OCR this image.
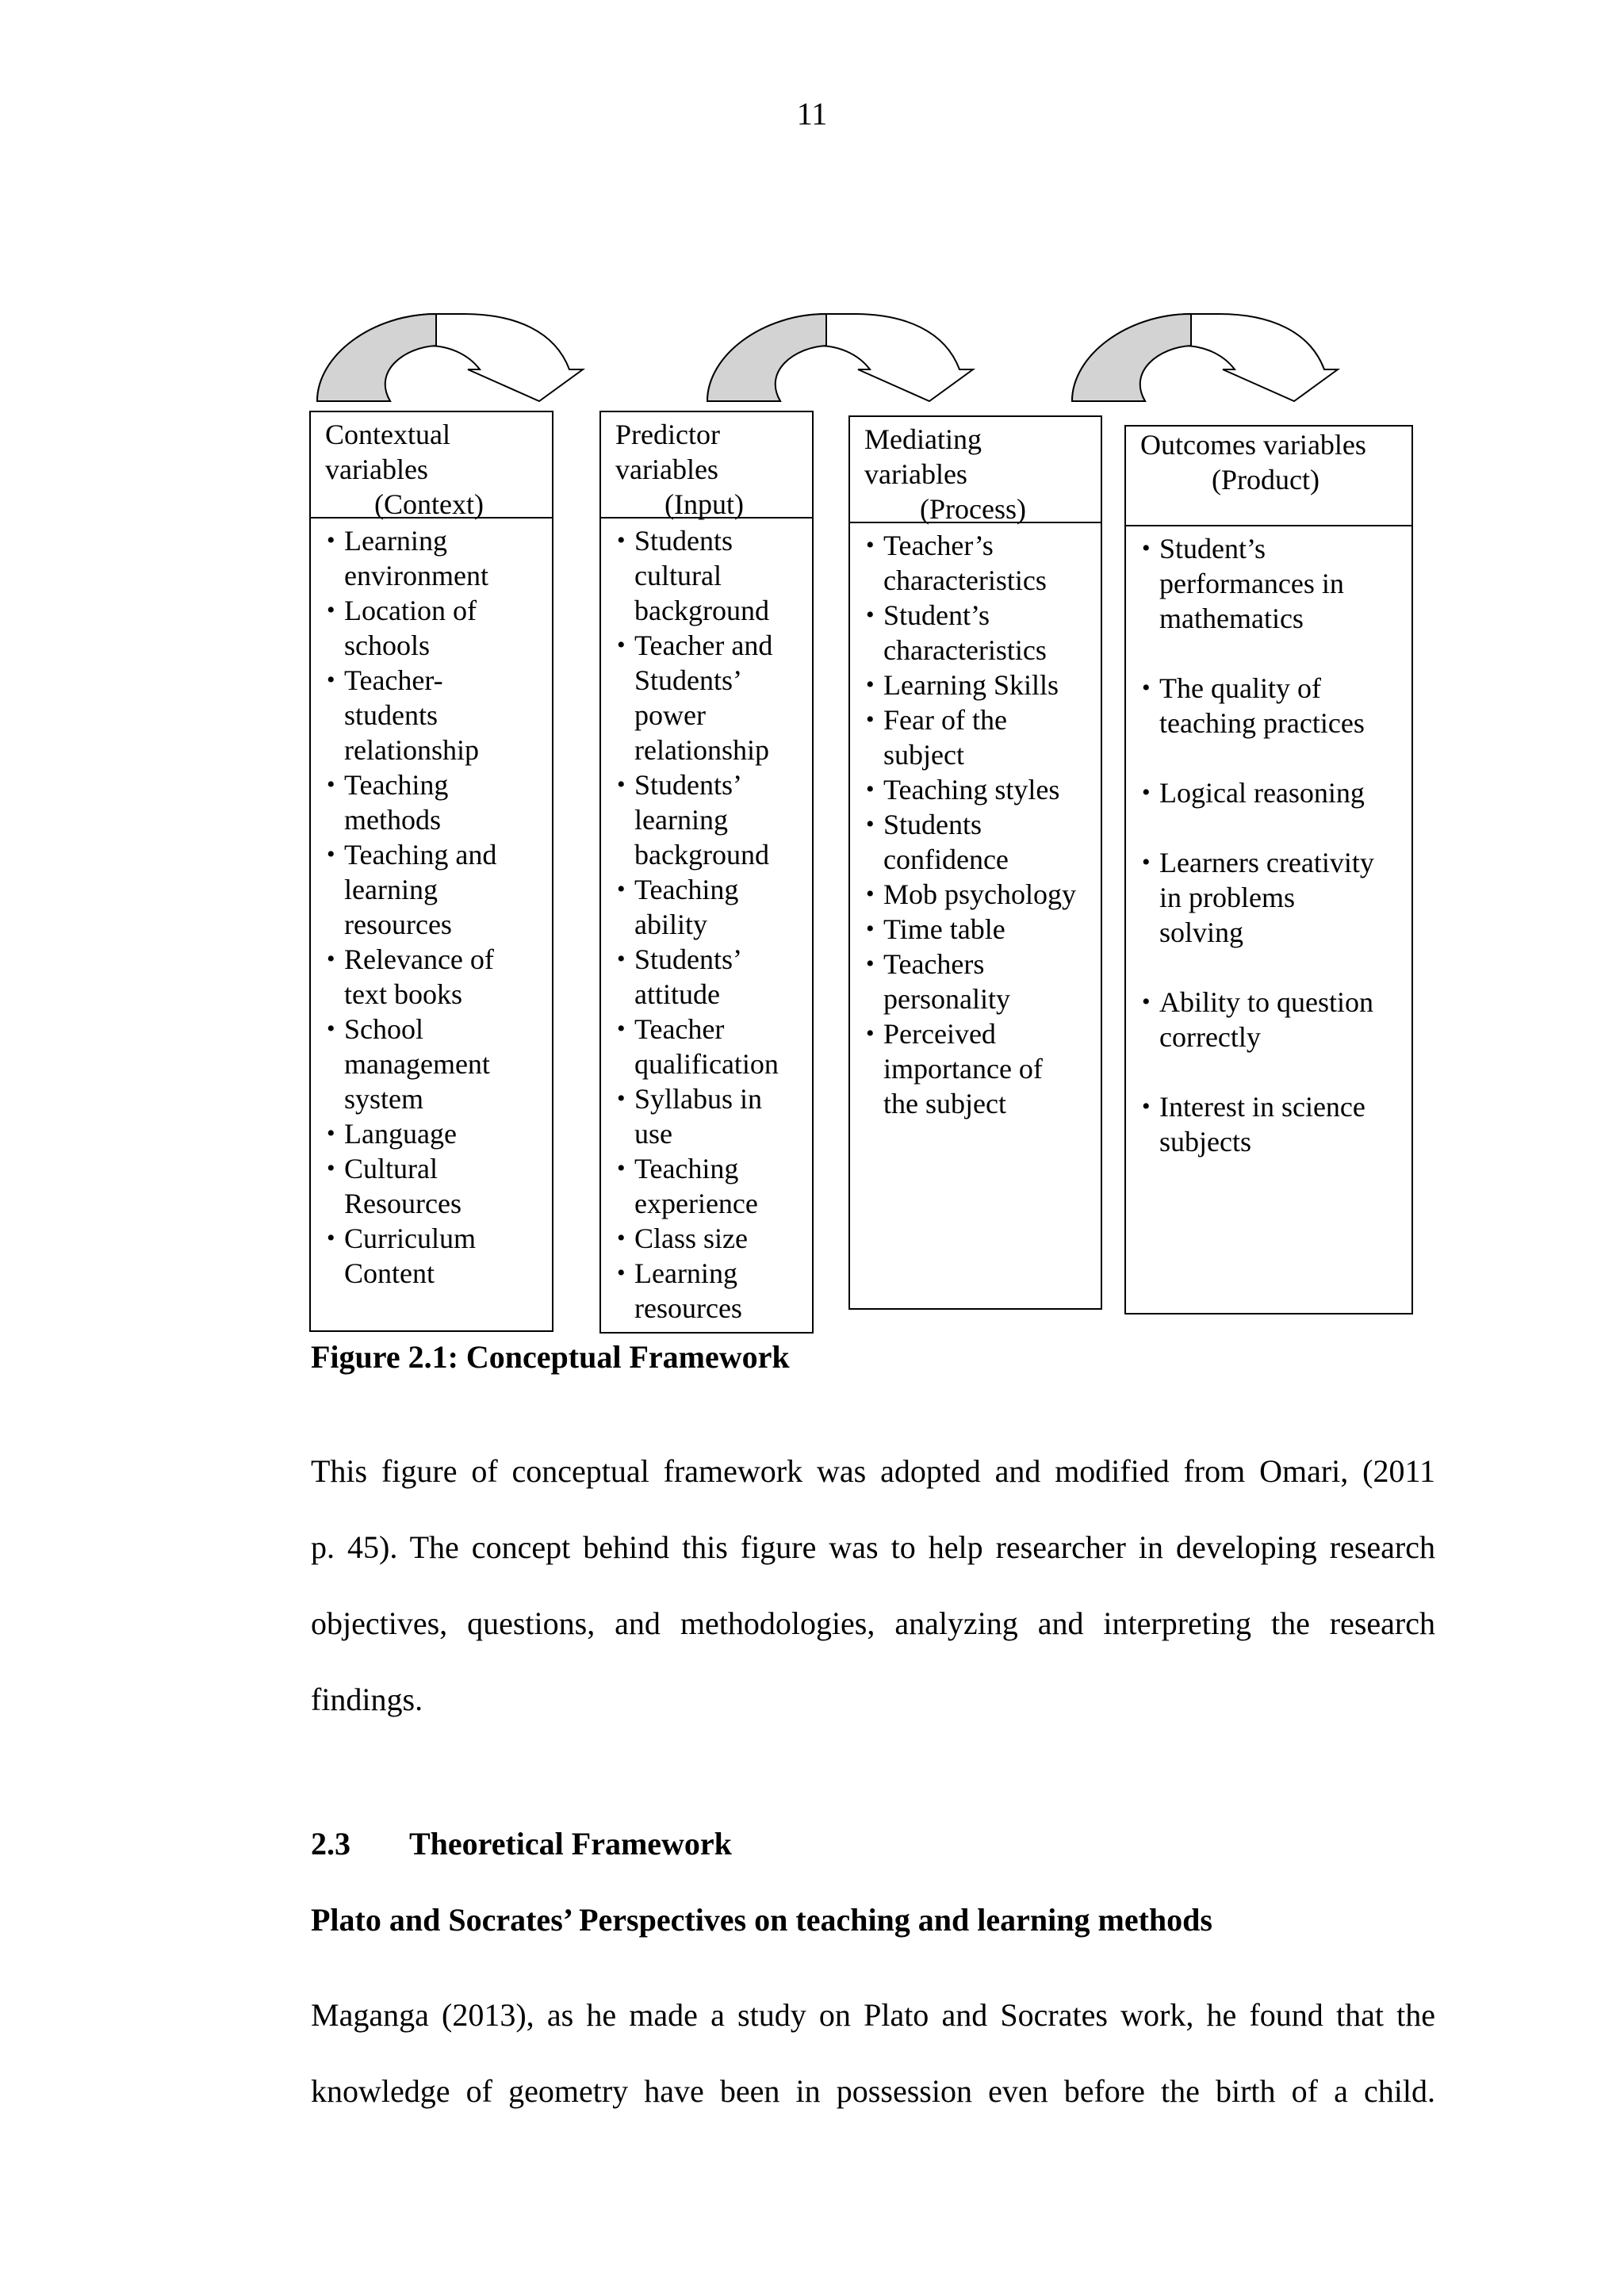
11
Contextual
variables
(Context)
• Learning
environment
• Location of
schools
• Teacher-
students
relationship
• Teaching
methods
• Teaching and
learning
resources
• Relevance of
text books
• School
management
system
• Language
• Cultural
Resources
• Curriculum
Content
Predictor
variables
(Input)
• Students
cultural
background
• Teacher and
Students’
power
relationship
• Students’
learning
background
• Teaching
ability
• Students’
attitude
• Teacher
qualification
• Syllabus in
use
• Teaching
experience
• Class size
• Learning
resources
Mediating
variables
(Process)
• Teacher’s
characteristics
• Student’s
characteristics
• Learning Skills
• Fear of the
subject
• Teaching styles
• Students
confidence
• Mob psychology
• Time table
• Teachers
personality
• Perceived
importance of
the subject
Outcomes variables
(Product)
• Student’s
performances in
mathematics
• The quality of
teaching practices
• Logical reasoning
• Learners creativity
in problems
solving
• Ability to question
correctly
• Interest in science
subjects
Figure 2.1: Conceptual Framework
This figure of conceptual framework was adopted and modified from Omari, (2011
p. 45). The concept behind this figure was to help researcher in developing research
objectives, questions, and methodologies, analyzing and interpreting the research
findings.
2.3 Theoretical Framework
Plato and Socrates’ Perspectives on teaching and learning methods
Maganga (2013), as he made a study on Plato and Socrates work, he found that the
knowledge of geometry have been in possession even before the birth of a child.
